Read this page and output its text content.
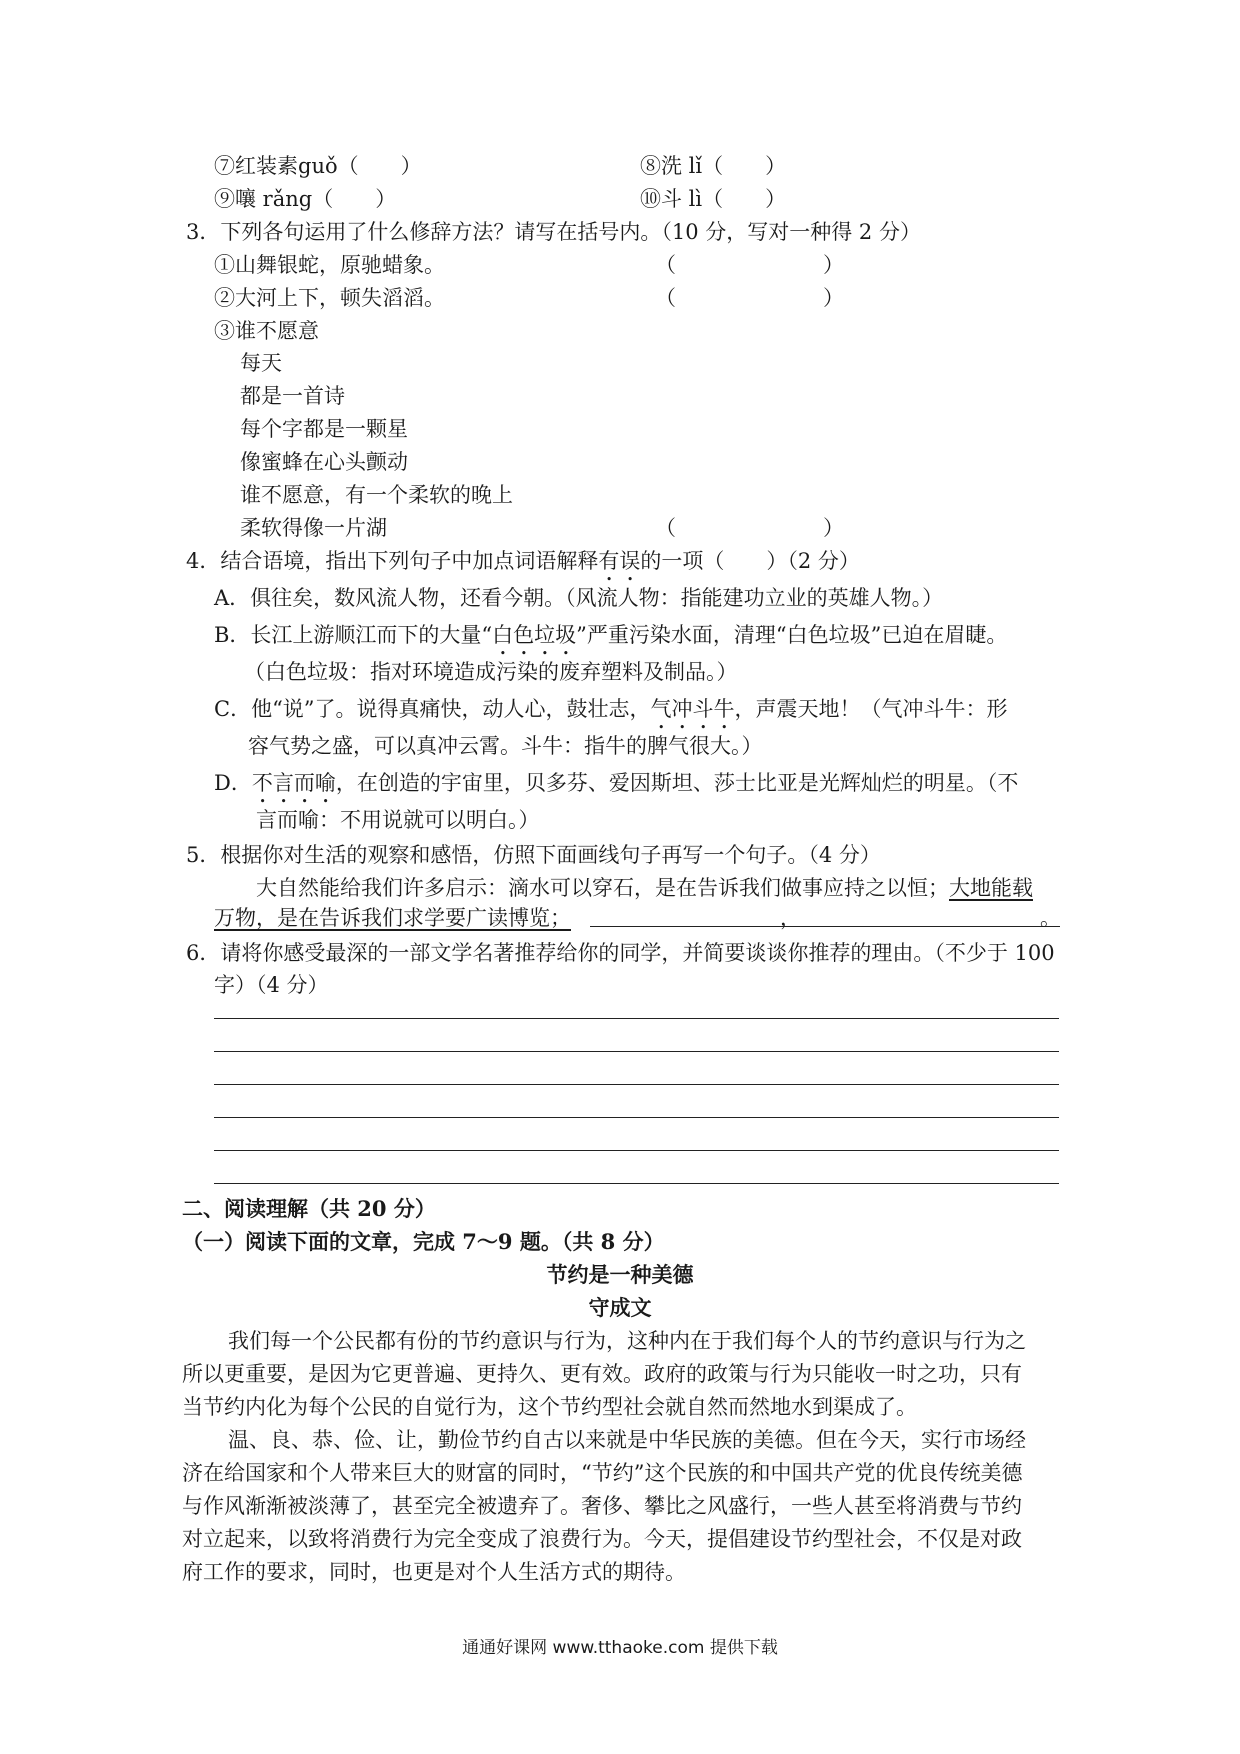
⑦红装素guǒ（　　）	⑧洗 lǐ（　　）
⑨嚷 rǎng（　　）	⑩斗 lì（　　）
3．下列各句运用了什么修辞方法？请写在括号内。（10 分，写对一种得 2 分）
①山舞银蛇，原驰蜡象。	（　　　　　　　）
②大河上下，顿失滔滔。	（　　　　　　　）
③谁不愿意
每天
都是一首诗
每个字都是一颗星
像蜜蜂在心头颤动
谁不愿意，有一个柔软的晚上
柔软得像一片湖	（　　　　　　　）
4．结合语境，指出下列句子中加点词语解释有误的一项（　　）（2 分）
A．俱往矣，数风流人物，还看今朝。（风流人物：指能建功立业的英雄人物。）
B．长江上游顺江而下的大量“白色垃圾”严重污染水面，清理“白色垃圾”已迫在眉睫。
（白色垃圾：指对环境造成污染的废弃塑料及制品。）
C．他“说”了。说得真痛快，动人心，鼓壮志，气冲斗牛，声震天地！（气冲斗牛：形
容气势之盛，可以真冲云霄。斗牛：指牛的脾气很大。）
D．不言而喻，在创造的宇宙里，贝多芬、爱因斯坦、莎士比亚是光辉灿烂的明星。（不
言而喻：不用说就可以明白。）
5．根据你对生活的观察和感悟，仿照下面画线句子再写一个句子。（4 分）
大自然能给我们许多启示：滴水可以穿石，是在告诉我们做事应持之以恒；大地能载
万物，是在告诉我们求学要广读博览；	，	。
6．请将你感受最深的一部文学名著推荐给你的同学，并简要谈谈你推荐的理由。（不少于 100
字）（4 分）
二、阅读理解（共 20 分）
（一）阅读下面的文章，完成 7～9 题。（共 8 分）
节约是一种美德
守成文
我们每一个公民都有份的节约意识与行为，这种内在于我们每个人的节约意识与行为之
所以更重要，是因为它更普遍、更持久、更有效。政府的政策与行为只能收一时之功，只有
当节约内化为每个公民的自觉行为，这个节约型社会就自然而然地水到渠成了。
温、良、恭、俭、让，勤俭节约自古以来就是中华民族的美德。但在今天，实行市场经
济在给国家和个人带来巨大的财富的同时，“节约”这个民族的和中国共产党的优良传统美德
与作风渐渐被淡薄了，甚至完全被遗弃了。奢侈、攀比之风盛行，一些人甚至将消费与节约
对立起来，以致将消费行为完全变成了浪费行为。今天，提倡建设节约型社会，不仅是对政
府工作的要求，同时，也更是对个人生活方式的期待。
通通好课网 www.tthaoke.com 提供下载
